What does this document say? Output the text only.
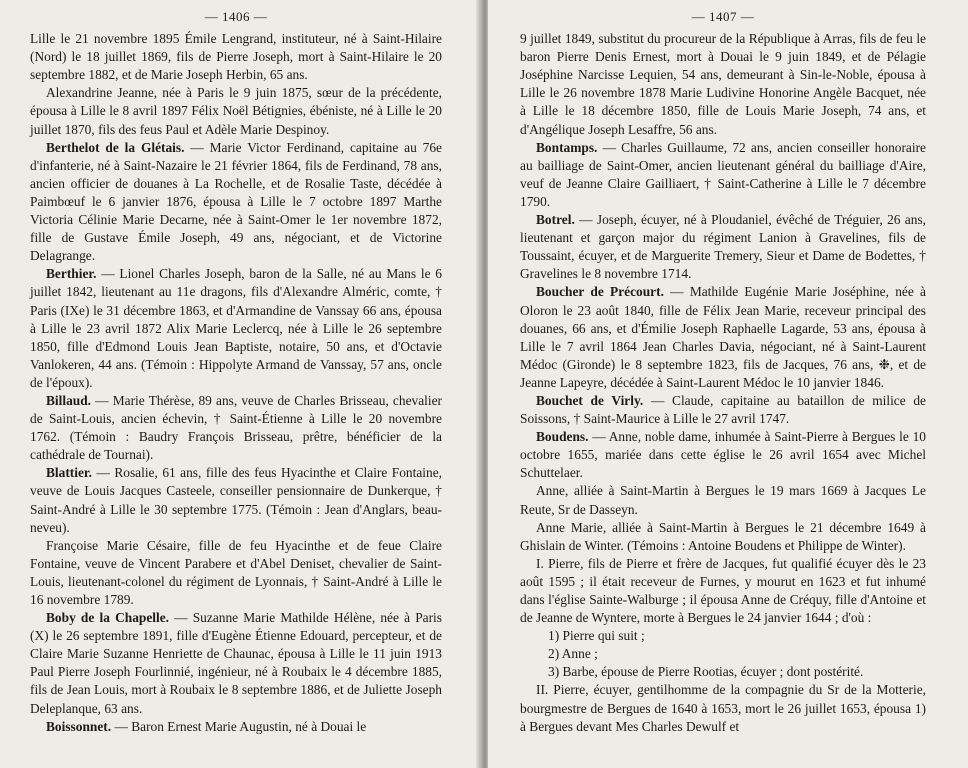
— 1406 —

Lille le 21 novembre 1895 Émile Lengrand, instituteur, né à Saint-Hilaire (Nord) le 18 juillet 1869, fils de Pierre Joseph, mort à Saint-Hilaire le 20 septembre 1882, et de Marie Joseph Herbin, 65 ans.

Alexandrine Jeanne, née à Paris le 9 juin 1875, sœur de la précédente, épousa à Lille le 8 avril 1897 Félix Noël Bétignies, ébéniste, né à Lille le 20 juillet 1870, fils des feus Paul et Adèle Marie Despinoy.

Berthelot de la Glétais. — Marie Victor Ferdinand, capitaine au 76e d'infanterie, né à Saint-Nazaire le 21 février 1864, fils de Ferdinand, 78 ans, ancien officier de douanes à La Rochelle, et de Rosalie Taste, décédée à Paimbœuf le 6 janvier 1876, épousa à Lille le 7 octobre 1897 Marthe Victoria Célinie Marie Decarne, née à Saint-Omer le 1er novembre 1872, fille de Gustave Émile Joseph, 49 ans, négociant, et de Victorine Delagrange.

Berthier. — Lionel Charles Joseph, baron de la Salle, né au Mans le 6 juillet 1842, lieutenant au 11e dragons, fils d'Alexandre Alméric, comte, † Paris (IXe) le 31 décembre 1863, et d'Armandine de Vanssay 66 ans, épousa à Lille le 23 avril 1872 Alix Marie Leclercq, née à Lille le 26 septembre 1850, fille d'Edmond Louis Jean Baptiste, notaire, 50 ans, et d'Octavie Vanlokeren, 44 ans. (Témoin : Hippolyte Armand de Vanssay, 57 ans, oncle de l'époux).

Billaud. — Marie Thérèse, 89 ans, veuve de Charles Brisseau, chevalier de Saint-Louis, ancien échevin, † Saint-Étienne à Lille le 20 novembre 1762. (Témoin : Baudry François Brisseau, prêtre, bénéficier de la cathédrale de Tournai).

Blattier. — Rosalie, 61 ans, fille des feus Hyacinthe et Claire Fontaine, veuve de Louis Jacques Casteele, conseiller pensionnaire de Dunkerque, † Saint-André à Lille le 30 septembre 1775. (Témoin : Jean d'Anglars, beau-neveu).

Françoise Marie Césaire, fille de feu Hyacinthe et de feue Claire Fontaine, veuve de Vincent Parabere et d'Abel Deniset, chevalier de Saint-Louis, lieutenant-colonel du régiment de Lyonnais, † Saint-André à Lille le 16 novembre 1789.

Boby de la Chapelle. — Suzanne Marie Mathilde Hélène, née à Paris (X) le 26 septembre 1891, fille d'Eugène Étienne Edouard, percepteur, et de Claire Marie Suzanne Henriette de Chaunac, épousa à Lille le 11 juin 1913 Paul Pierre Joseph Fourlinnié, ingénieur, né à Roubaix le 4 décembre 1885, fils de Jean Louis, mort à Roubaix le 8 septembre 1886, et de Juliette Joseph Deleplanque, 63 ans.

Boissonnet. — Baron Ernest Marie Augustin, né à Douai le

— 1407 —

9 juillet 1849, substitut du procureur de la République à Arras, fils de feu le baron Pierre Denis Ernest, mort à Douai le 9 juin 1849, et de Pélagie Joséphine Narcisse Lequien, 54 ans, demeurant à Sin-le-Noble, épousa à Lille le 26 novembre 1878 Marie Ludivine Honorine Angèle Bacquet, née à Lille le 18 décembre 1850, fille de Louis Marie Joseph, 74 ans, et d'Angélique Joseph Lesaffre, 56 ans.

Bontamps. — Charles Guillaume, 72 ans, ancien conseiller honoraire au bailliage de Saint-Omer, ancien lieutenant général du bailliage d'Aire, veuf de Jeanne Claire Gailliaert, † Saint-Catherine à Lille le 7 décembre 1790.

Botrel. — Joseph, écuyer, né à Ploudaniel, évêché de Tréguier, 26 ans, lieutenant et garçon major du régiment Lanion à Gravelines, fils de Toussaint, écuyer, et de Marguerite Tremery, Sieur et Dame de Bodettes, † Gravelines le 8 novembre 1714.

Boucher de Précourt. — Mathilde Eugénie Marie Joséphine, née à Oloron le 23 août 1840, fille de Félix Jean Marie, receveur principal des douanes, 66 ans, et d'Émilie Joseph Raphaelle Lagarde, 53 ans, épousa à Lille le 7 avril 1864 Jean Charles Davia, négociant, né à Saint-Laurent Médoc (Gironde) le 8 septembre 1823, fils de Jacques, 76 ans, ❉, et de Jeanne Lapeyre, décédée à Saint-Laurent Médoc le 10 janvier 1846.

Bouchet de Virly. — Claude, capitaine au bataillon de milice de Soissons, † Saint-Maurice à Lille le 27 avril 1747.

Boudens. — Anne, noble dame, inhumée à Saint-Pierre à Bergues le 10 octobre 1655, mariée dans cette église le 26 avril 1654 avec Michel Schuttelaer.

Anne, alliée à Saint-Martin à Bergues le 19 mars 1669 à Jacques Le Reute, Sr de Dasseyn.

Anne Marie, alliée à Saint-Martin à Bergues le 21 décembre 1649 à Ghislain de Winter. (Témoins : Antoine Boudens et Philippe de Winter).

I. Pierre, fils de Pierre et frère de Jacques, fut qualifié écuyer dès le 23 août 1595 ; il était receveur de Furnes, y mourut en 1623 et fut inhumé dans l'église Sainte-Walburge ; il épousa Anne de Créquy, fille d'Antoine et de Jeanne de Wyntere, morte à Bergues le 24 janvier 1644 ; d'où :

1) Pierre qui suit ;

2) Anne ;

3) Barbe, épouse de Pierre Rootias, écuyer ; dont postérité.

II. Pierre, écuyer, gentilhomme de la compagnie du Sr de la Motterie, bourgmestre de Bergues de 1640 à 1653, mort le 26 juillet 1653, épousa 1) à Bergues devant Mes Charles Dewulf et
